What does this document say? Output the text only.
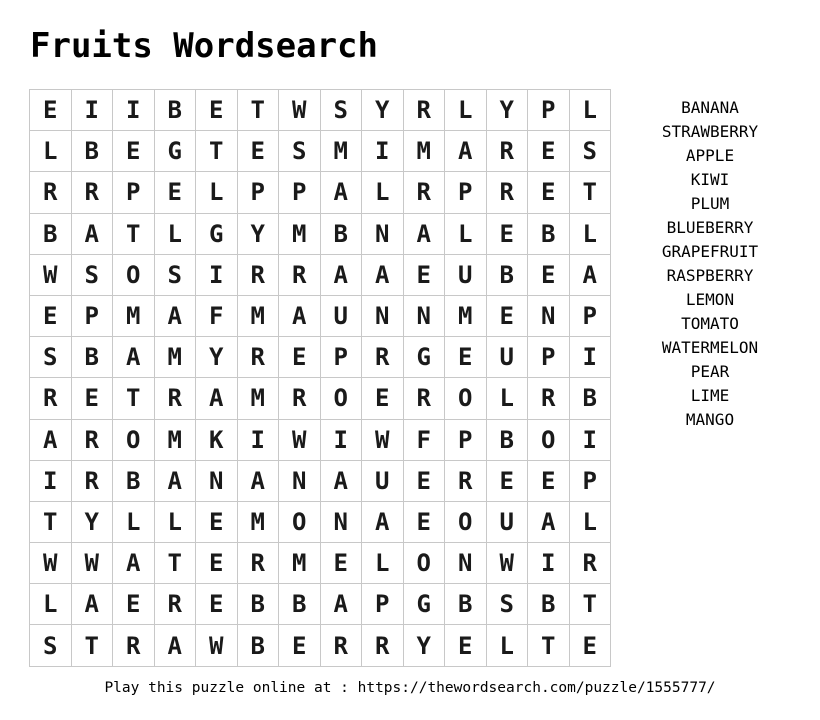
Fruits Wordsearch
E	I	I	B	E	T	W	S	Y	R	L	Y	P	L
L	B	E	G	T	E	S	M	I	M	A	R	E	S
R	R	P	E	L	P	P	A	L	R	P	R	E	T
B	A	T	L	G	Y	M	B	N	A	L	E	B	L
W	S	O	S	I	R	R	A	A	E	U	B	E	A
E	P	M	A	F	M	A	U	N	N	M	E	N	P
S	B	A	M	Y	R	E	P	R	G	E	U	P	I
R	E	T	R	A	M	R	O	E	R	O	L	R	B
A	R	O	M	K	I	W	I	W	F	P	B	O	I
I	R	B	A	N	A	N	A	U	E	R	E	E	P
T	Y	L	L	E	M	O	N	A	E	O	U	A	L
W	W	A	T	E	R	M	E	L	O	N	W	I	R
L	A	E	R	E	B	B	A	P	G	B	S	B	T
S	T	R	A	W	B	E	R	R	Y	E	L	T	E
BANANA
STRAWBERRY
APPLE
KIWI
PLUM
BLUEBERRY
GRAPEFRUIT
RASPBERRY
LEMON
TOMATO
WATERMELON
PEAR
LIME
MANGO
Play this puzzle online at : https://thewordsearch.com/puzzle/1555777/
